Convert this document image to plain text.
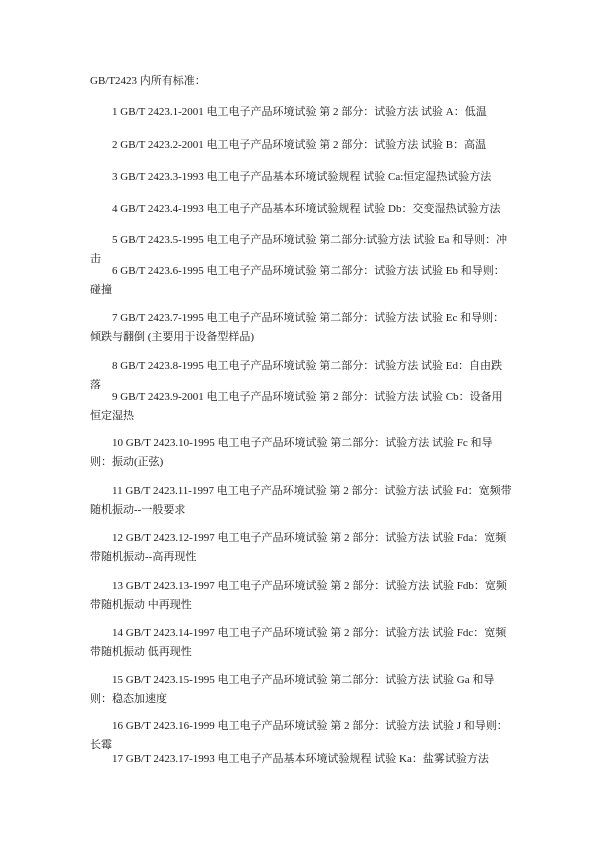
GB/T2423 内所有标准：
1 GB/T 2423.1-2001 电工电子产品环境试验 第 2 部分：试验方法 试验 A：低温
2 GB/T 2423.2-2001 电工电子产品环境试验 第 2 部分：试验方法 试验 B：高温
3 GB/T 2423.3-1993 电工电子产品基本环境试验规程 试验 Ca:恒定湿热试验方法
4 GB/T 2423.4-1993 电工电子产品基本环境试验规程 试验 Db：交变湿热试验方法
5 GB/T 2423.5-1995 电工电子产品环境试验 第二部分:试验方法 试验 Ea 和导则：冲击
6 GB/T 2423.6-1995 电工电子产品环境试验 第二部分：试验方法 试验 Eb 和导则： 碰撞
7 GB/T 2423.7-1995 电工电子产品环境试验 第二部分：试验方法 试验 Ec 和导则：倾跌与翻倒 (主要用于设备型样品)
8 GB/T 2423.8-1995 电工电子产品环境试验 第二部分：试验方法 试验 Ed：自由跌落
9 GB/T 2423.9-2001 电工电子产品环境试验 第 2 部分：试验方法 试验 Cb：设备用恒定湿热
10 GB/T 2423.10-1995 电工电子产品环境试验 第二部分：试验方法 试验 Fc 和导则：振动(正弦)
11 GB/T 2423.11-1997 电工电子产品环境试验 第 2 部分：试验方法 试验 Fd：宽频带随机振动--一般要求
12 GB/T 2423.12-1997 电工电子产品环境试验 第 2 部分：试验方法 试验 Fda：宽频带随机振动--高再现性
13 GB/T 2423.13-1997 电工电子产品环境试验 第 2 部分：试验方法 试验 Fdb：宽频带随机振动 中再现性
14 GB/T 2423.14-1997 电工电子产品环境试验 第 2 部分：试验方法 试验 Fdc：宽频带随机振动 低再现性
15 GB/T 2423.15-1995 电工电子产品环境试验 第二部分：试验方法 试验 Ga 和导则：稳态加速度
16 GB/T 2423.16-1999 电工电子产品环境试验 第 2 部分：试验方法 试验 J 和导则：长霉
17 GB/T 2423.17-1993 电工电子产品基本环境试验规程 试验 Ka：盐雾试验方法
